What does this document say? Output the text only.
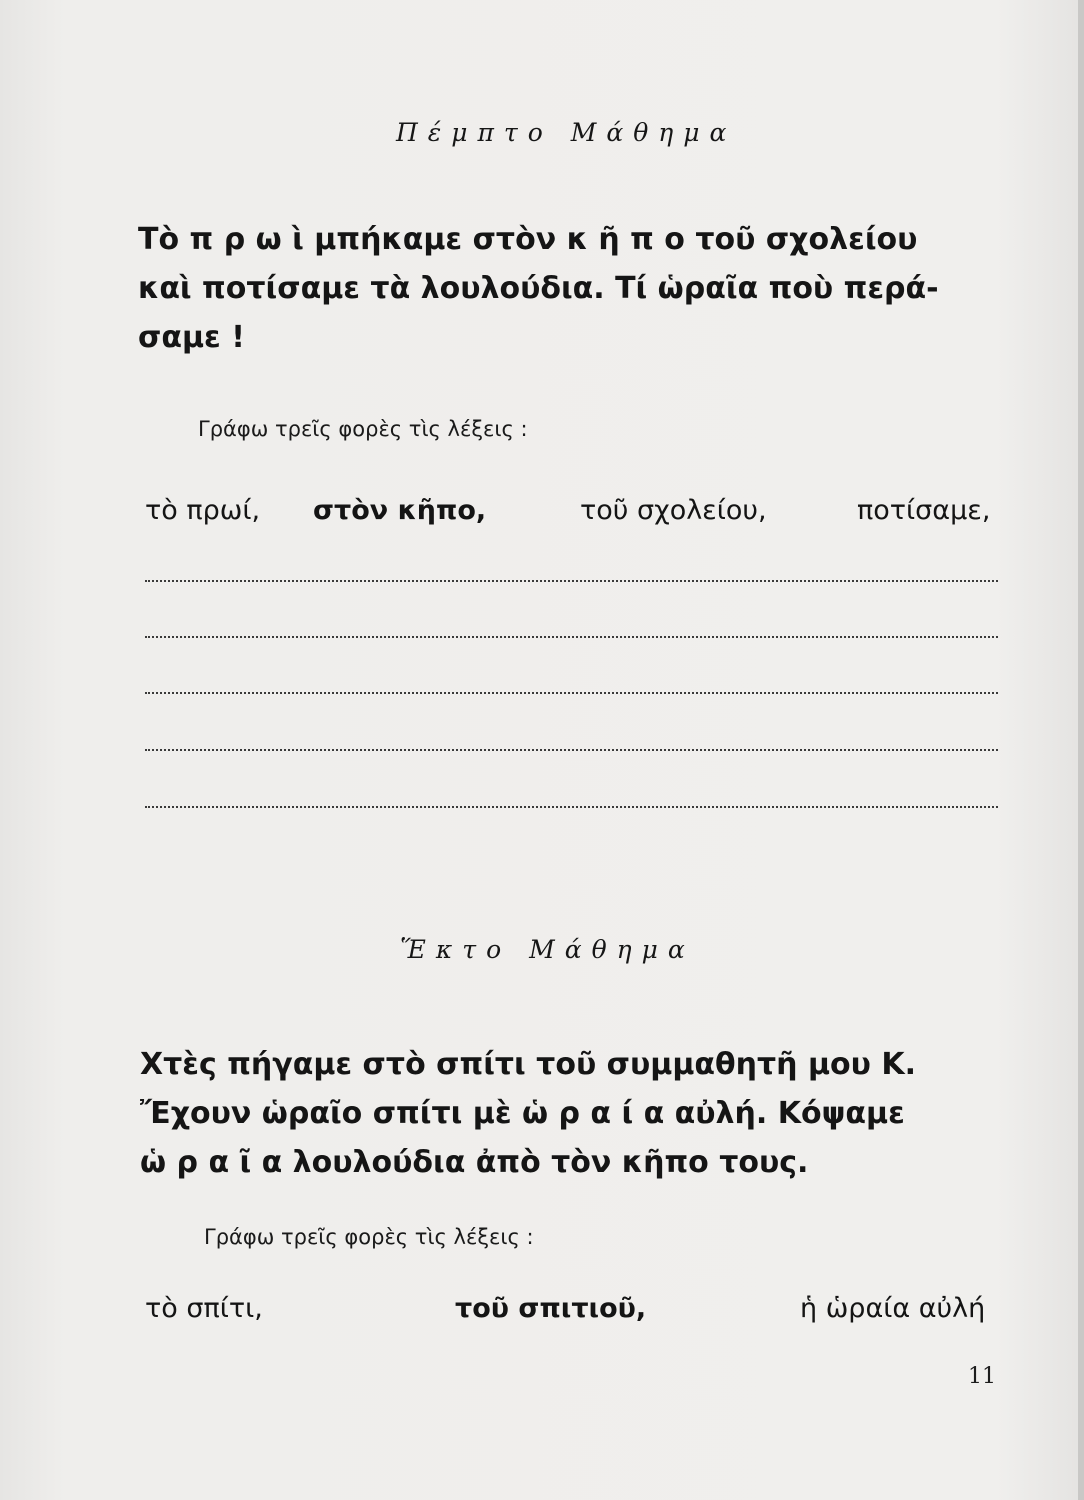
Πέμπτο Μάθημα

Τὸ π ρ ω ὶ μπήκαμε στὸν κ ῆ π ο τοῦ σχολείου

καὶ ποτίσαμε τὰ λουλούδια. Τί ὡραῖα ποὺ περά-

σαμε !

Γράφω τρεῖς φορὲς τὶς λέξεις :
τὸ πρωί, στὸν κῆπο,	τοῦ σχολείου,	ποτίσαμε,
Ἕκτο Μάθημα

Χτὲς πήγαμε στὸ σπίτι τοῦ συμμαθητῆ μου Κ.

Ἔχουν ὡραῖο σπίτι μὲ ὡ ρ α ί α αὐλή. Κόψαμε

ὡ ρ α ῖ α λουλούδια ἀπὸ τὸν κῆπο τους.

Γράφω τρεῖς φορὲς τὶς λέξεις :
τὸ σπίτι,	τοῦ σπιτιοῦ,	ἡ ὡραία αὐλή
11
